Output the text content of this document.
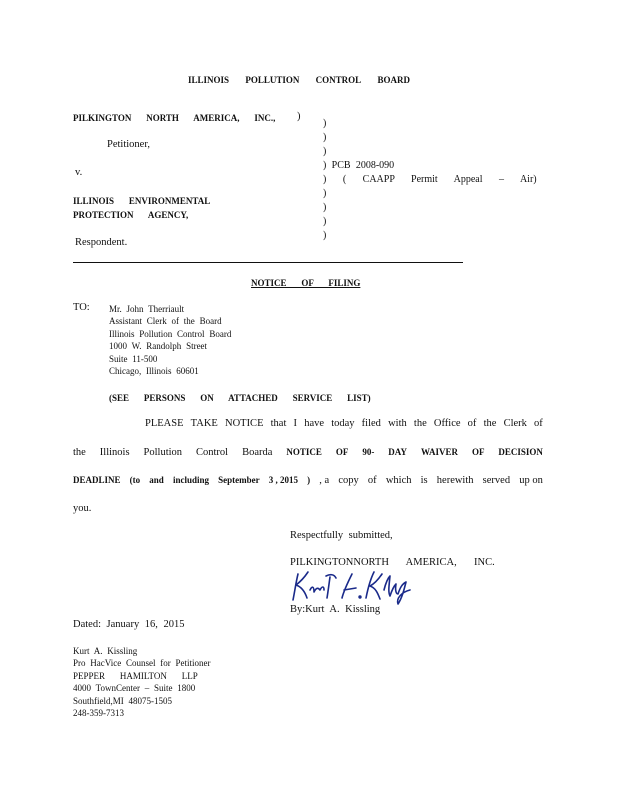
ILLINOIS POLLUTION CONTROL BOARD
PILKINGTON NORTH AMERICA, INC., )
Petitioner,
v.
ILLINOIS ENVIRONMENTAL
PROTECTION AGENCY,
Respondent.
)
)
)
) PCB 2008-090
) ( CAAPP Permit Appeal – Air)
)
)
)
)
NOTICE OF FILING
TO: Mr. John Therriault
Assistant Clerk of the Board
Illinois Pollution Control Board
1000 W. Randolph Street
Suite 11-500
Chicago, Illinois 60601
(SEE PERSONS ON ATTACHED SERVICE LIST)
PLEASE TAKE NOTICE that I have today filed with the Office of the Clerk of
the Illinois Pollution Control Boarda NOTICE OF 90- DAY WAIVER OF DECISION
DEADLINE (to and including September 3 , 2015 ) , a copy of which is herewith served up on
you.
Respectfully submitted,
PILKINGTONNORTH AMERICA, INC.
By:Kurt A. Kissling
Dated: January 16, 2015
Kurt A. Kissling
Pro HacVice Counsel for Petitioner
PEPPER HAMILTON LLP
4000 TownCenter – Suite 1800
Southfield,MI 48075-1505
248-359-7313
